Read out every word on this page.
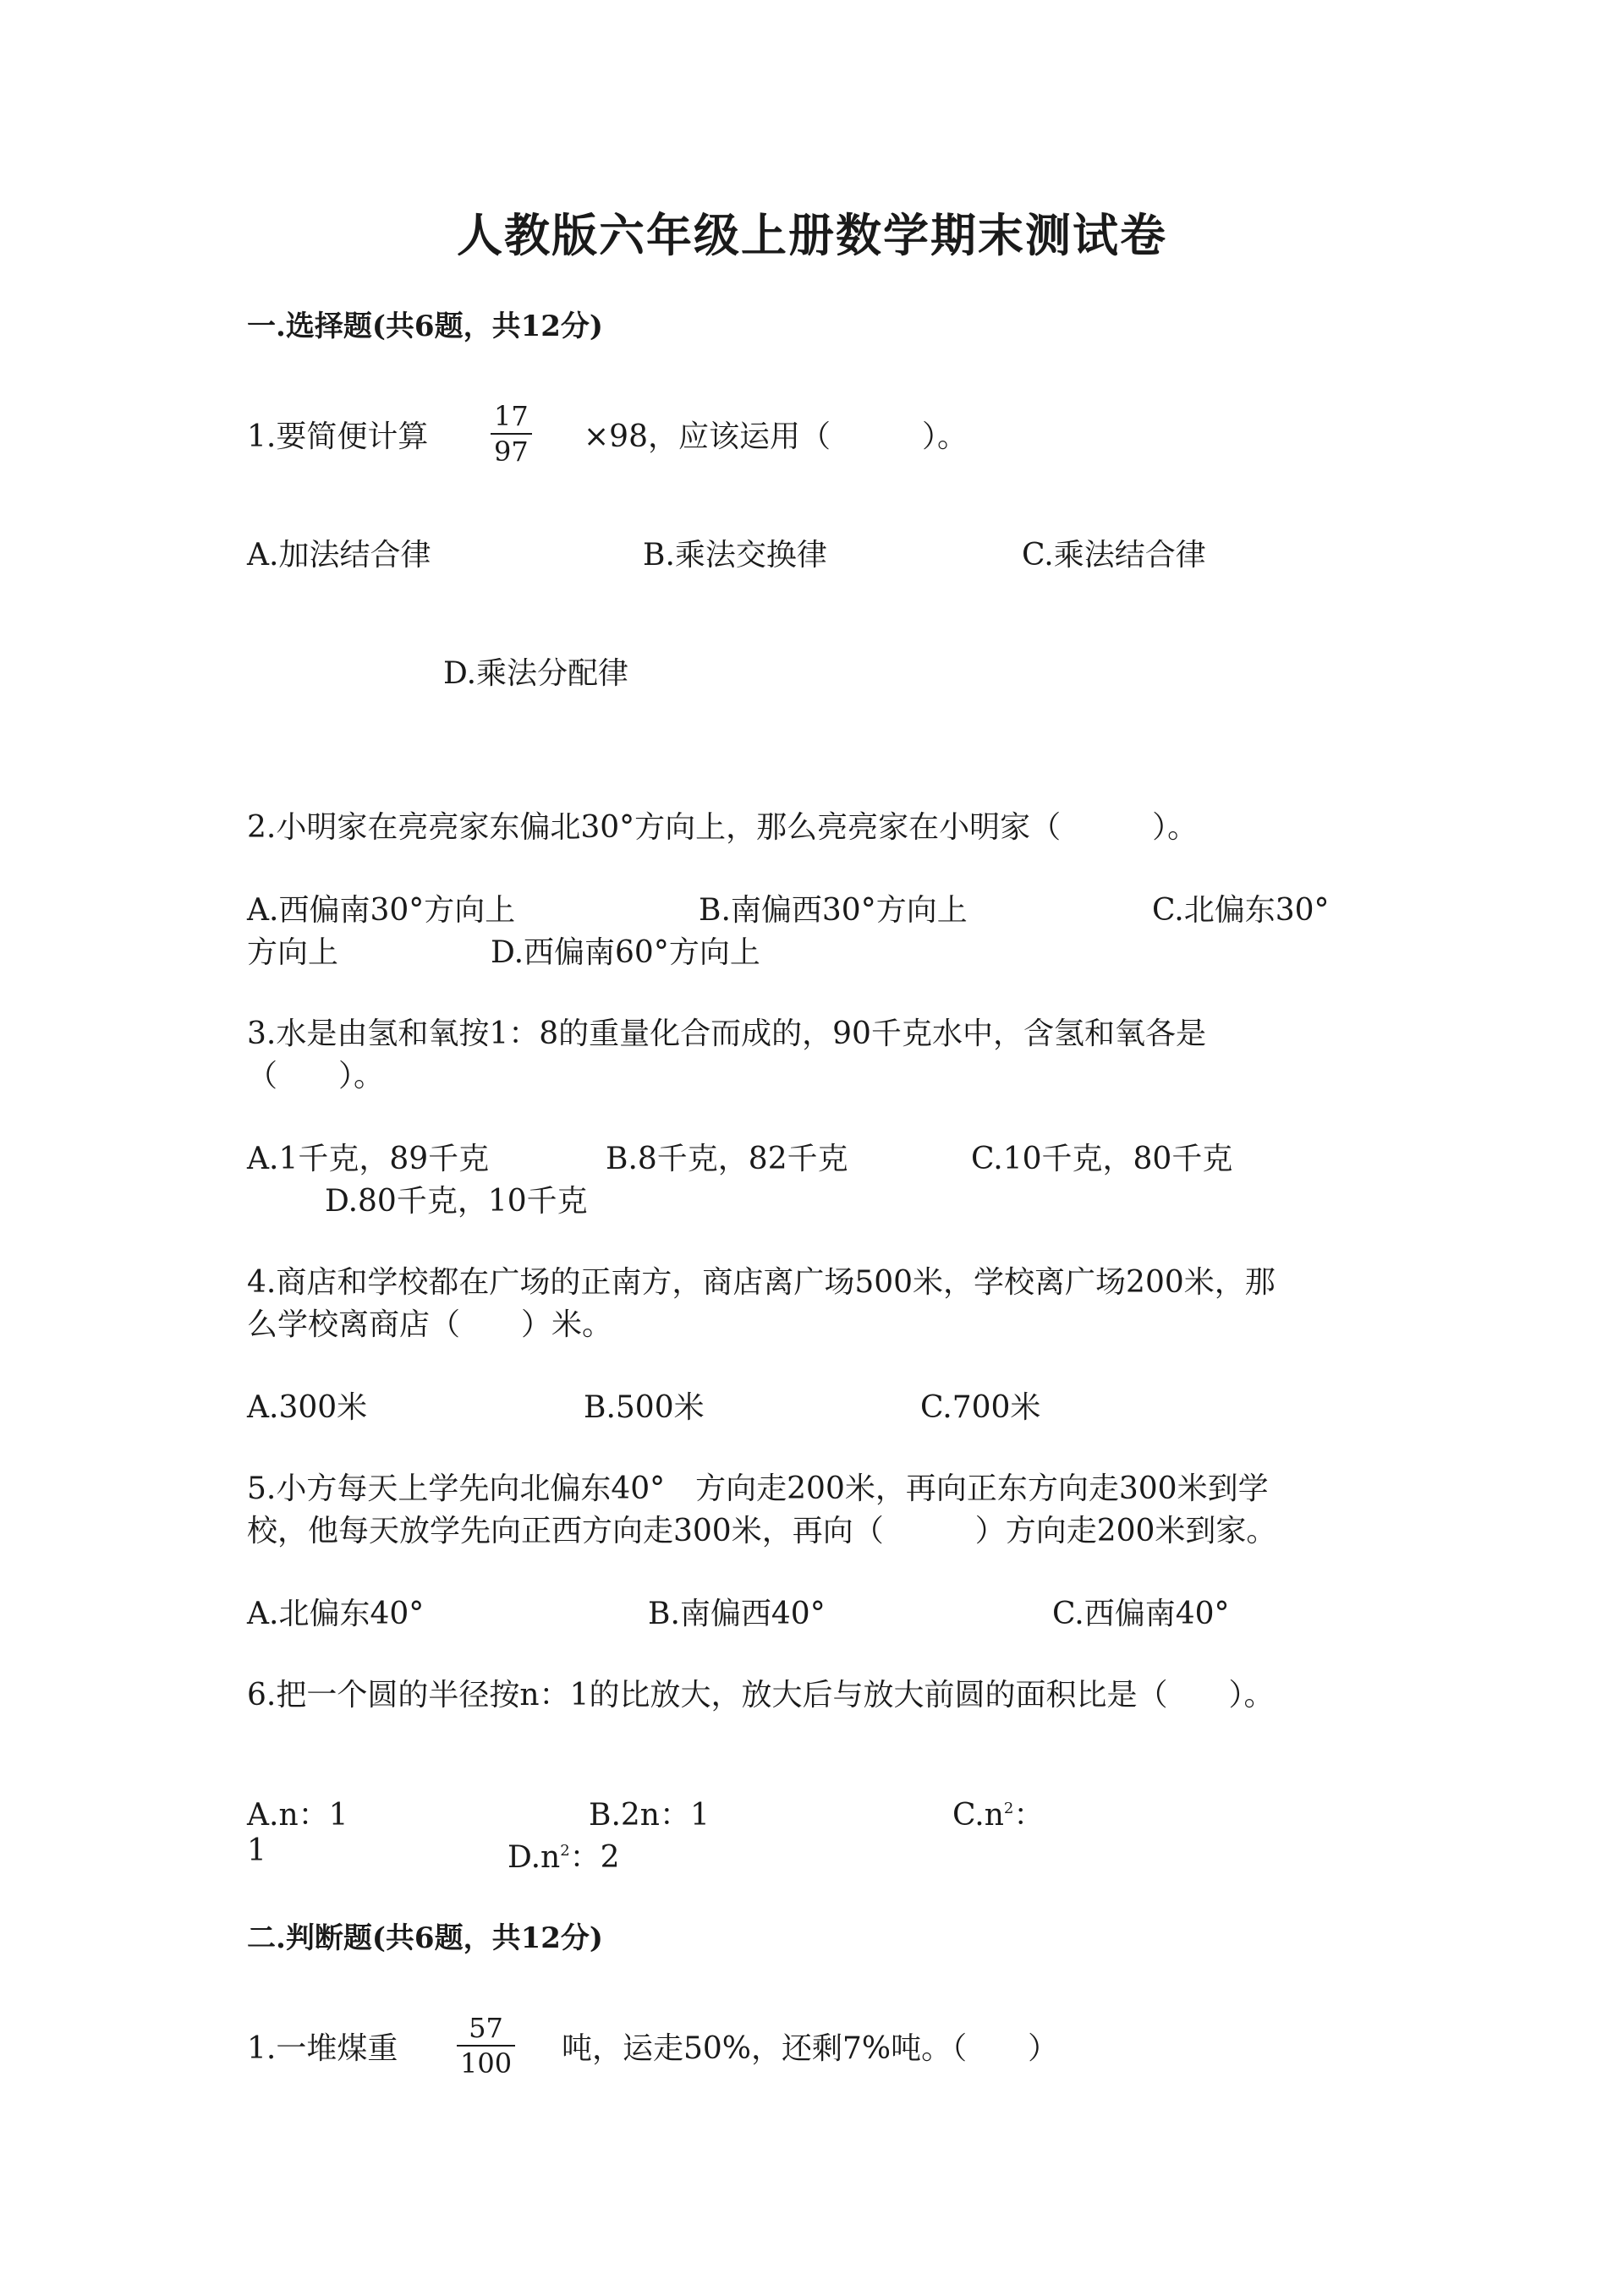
人教版六年级上册数学期末测试卷
一.选择题(共6题，共12分)
1.要简便计算
17
97 ×98，应该运用（　　　）。
A.加法结合律	B.乘法交换律	C.乘法结合律
D.乘法分配律
2.小明家在亮亮家东偏北30°方向上，那么亮亮家在小明家（　　　）。
A.西偏南30°方向上	B.南偏西30°方向上	C.北偏东30°
方向上	D.西偏南60°方向上
3.水是由氢和氧按1：8的重量化合而成的，90千克水中，含氢和氧各是
（　　）。
A.1千克，89千克	B.8千克，82千克	C.10千克，80千克
D.80千克，10千克
4.商店和学校都在广场的正南方，商店离广场500米，学校离广场200米，那
么学校离商店（　　）米。
A.300米	B.500米	C.700米
5.小方每天上学先向北偏东40°　方向走200米，再向正东方向走300米到学
校，他每天放学先向正西方向走300米，再向（　　　）方向走200米到家。
A.北偏东40°	B.南偏西40°	C.西偏南40°
6.把一个圆的半径按n：1的比放大，放大后与放大前圆的面积比是（　　）。
A.n：1	B.2n：1	$C.n^2$：
1	$D.n^2$：2
二.判断题(共6题，共12分)
1.一堆煤重
57
100 吨，运走50%，还剩7%吨。（　　）
